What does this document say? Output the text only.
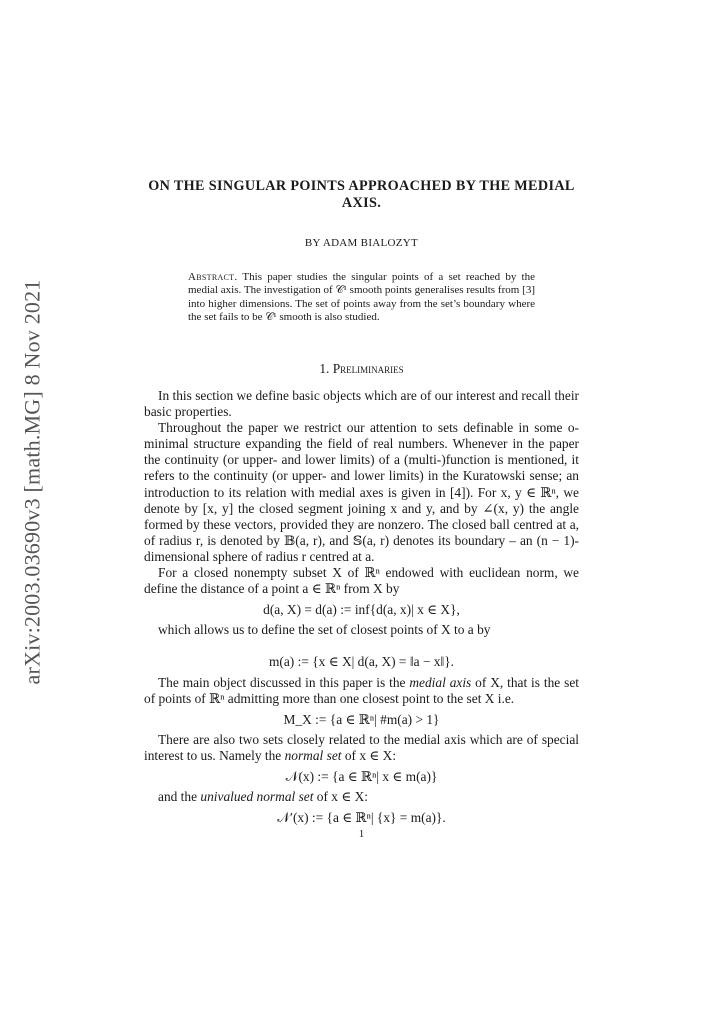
arXiv:2003.03690v3 [math.MG] 8 Nov 2021
ON THE SINGULAR POINTS APPROACHED BY THE MEDIAL AXIS.
BY ADAM BIALOZYT
Abstract. This paper studies the singular points of a set reached by the medial axis. The investigation of 𝒞¹ smooth points generalises results from [3] into higher dimensions. The set of points away from the set’s boundary where the set fails to be 𝒞¹ smooth is also studied.
1. Preliminaries

In this section we define basic objects which are of our interest and recall their basic properties.

Throughout the paper we restrict our attention to sets definable in some o-minimal structure expanding the field of real numbers. Whenever in the paper the continuity (or upper- and lower limits) of a (multi-)function is mentioned, it refers to the continuity (or upper- and lower limits) in the Kuratowski sense; an introduction to its relation with medial axes is given in [4]). For x, y ∈ ℝⁿ, we denote by [x, y] the closed segment joining x and y, and by ∠(x, y) the angle formed by these vectors, provided they are nonzero. The closed ball centred at a, of radius r, is denoted by 𝔹(a, r), and 𝕊(a, r) denotes its boundary – an (n − 1)-dimensional sphere of radius r centred at a.

For a closed nonempty subset X of ℝⁿ endowed with euclidean norm, we define the distance of a point a ∈ ℝⁿ from X by

d(a, X) = d(a) := inf{d(a, x)| x ∈ X},

which allows us to define the set of closest points of X to a by

m(a) := {x ∈ X| d(a, X) = ‖a − x‖}.

The main object discussed in this paper is the medial axis of X, that is the set of points of ℝⁿ admitting more than one closest point to the set X i.e.

M_X := {a ∈ ℝⁿ| #m(a) > 1}

There are also two sets closely related to the medial axis which are of special interest to us. Namely the normal set of x ∈ X:

𝒩(x) := {a ∈ ℝⁿ| x ∈ m(a)}

and the univalued normal set of x ∈ X:

𝒩′(x) := {a ∈ ℝⁿ| {x} = m(a)}.
1
